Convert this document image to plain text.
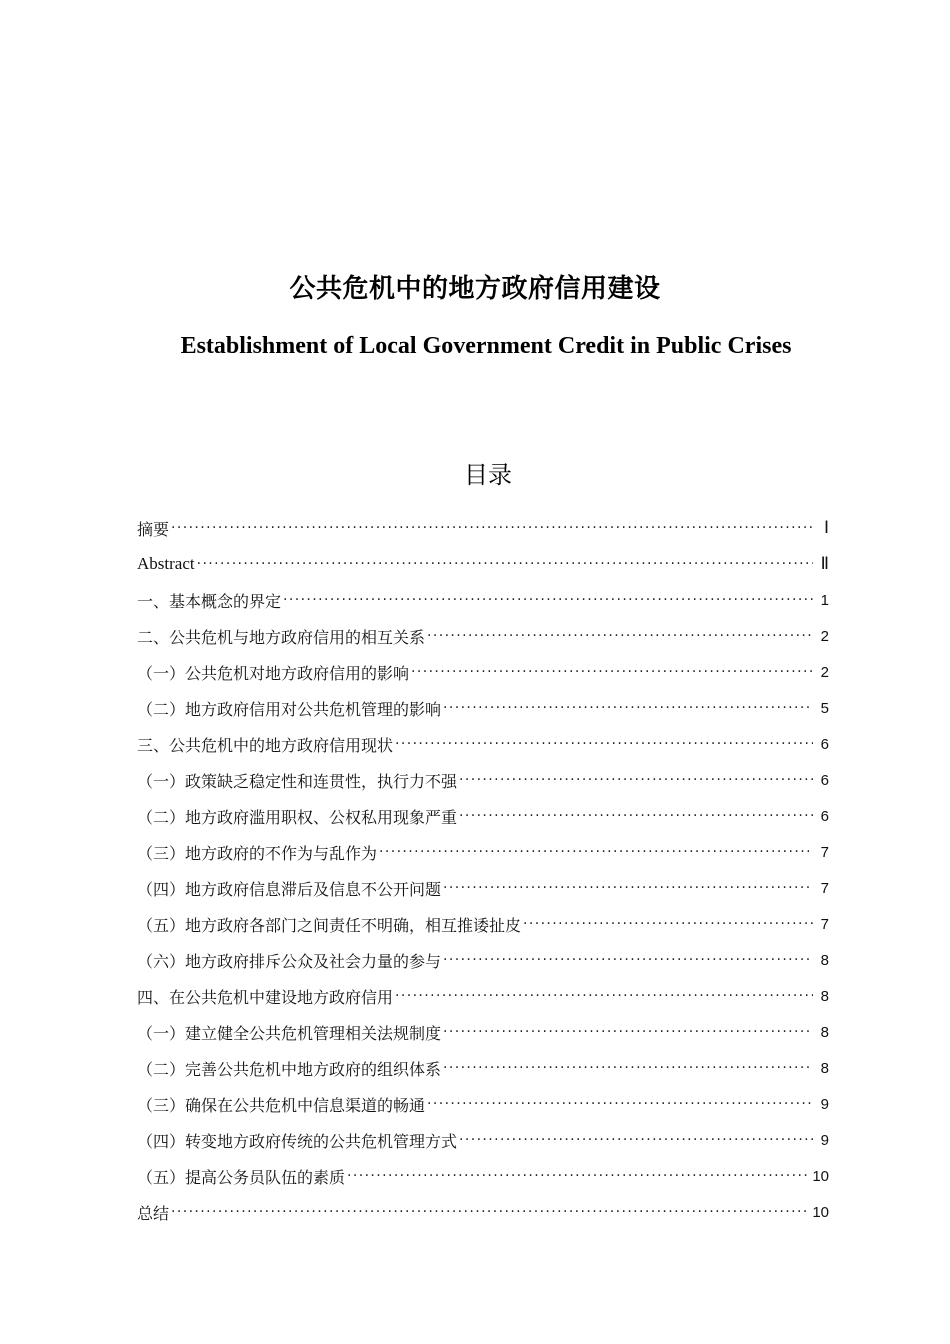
公共危机中的地方政府信用建设
Establishment of Local Government Credit in Public Crises
目录
摘要 ·····	Ⅰ
Abstract ·····	Ⅱ
一、基本概念的界定 ·····	1
二、公共危机与地方政府信用的相互关系 ·····	2
（一）公共危机对地方政府信用的影响 ·····	2
（二）地方政府信用对公共危机管理的影响 ·····	5
三、公共危机中的地方政府信用现状 ·····	6
（一）政策缺乏稳定性和连贯性，执行力不强 ·····	6
（二）地方政府滥用职权、公权私用现象严重 ·····	6
（三）地方政府的不作为与乱作为 ·····	7
（四）地方政府信息滞后及信息不公开问题 ·····	7
（五）地方政府各部门之间责任不明确，相互推诿扯皮 ·····	7
（六）地方政府排斥公众及社会力量的参与 ·····	8
四、在公共危机中建设地方政府信用 ·····	8
（一）建立健全公共危机管理相关法规制度 ·····	8
（二）完善公共危机中地方政府的组织体系 ·····	8
（三）确保在公共危机中信息渠道的畅通 ·····	9
（四）转变地方政府传统的公共危机管理方式 ·····	9
（五）提高公务员队伍的素质 ·····	10
总结 ·····	10
